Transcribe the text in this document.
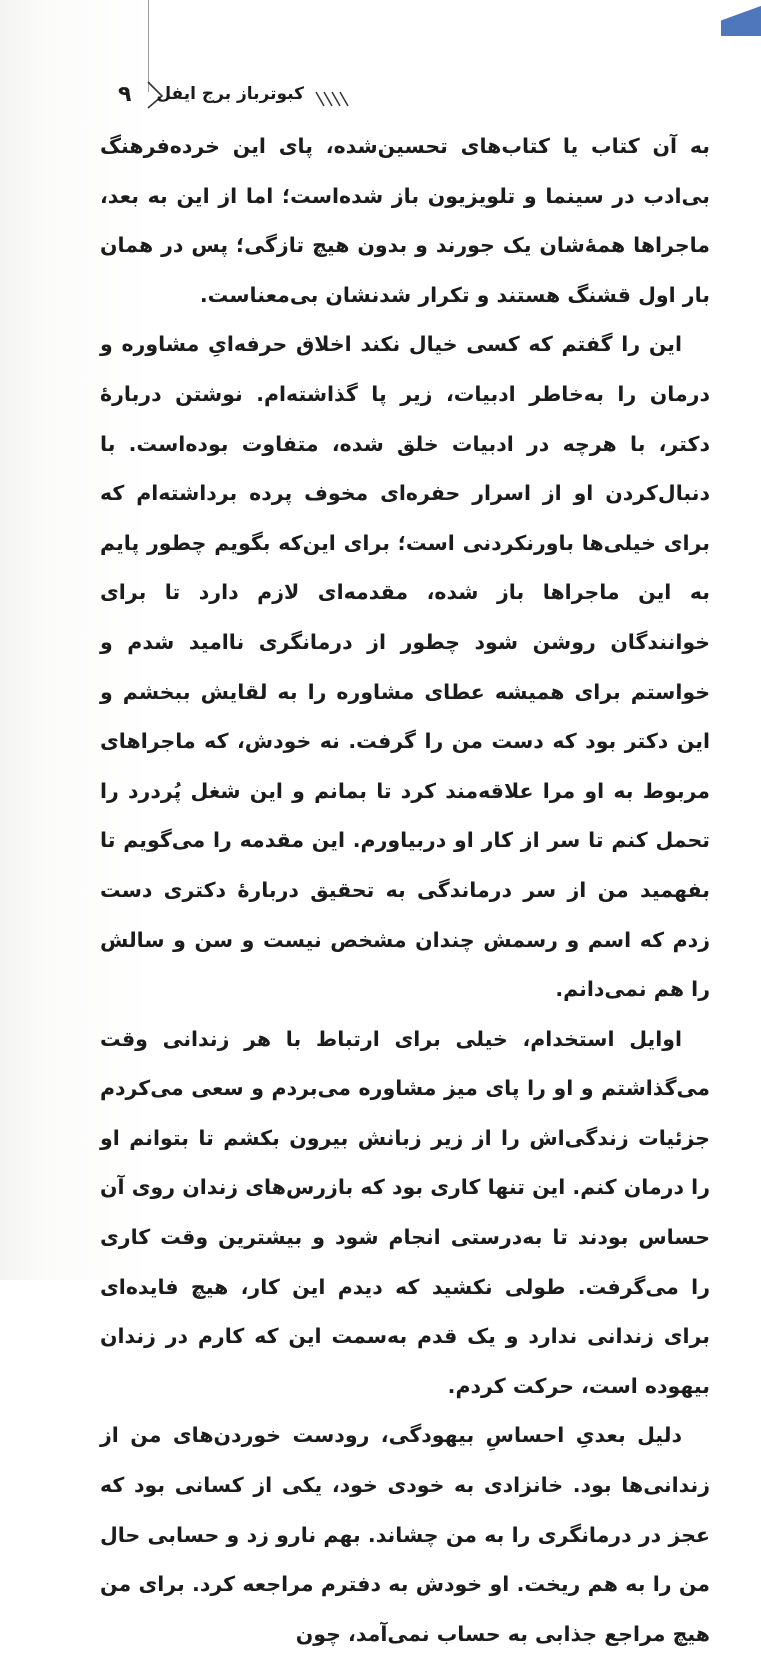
۹ کبوترباز برج ایفل

به آن کتاب یا کتاب‌های تحسین‌شده، پای این خرده‌فرهنگ بی‌ادب در سینما و تلویزیون باز شده‌است؛ اما از این به بعد، ماجراها همهٔ‌شان یک جورند و بدون هیچ تازگی؛ پس در همان بار اول قشنگ هستند و تکرار شدنشان بی‌معناست.

این را گفتم که کسی خیال نکند اخلاق حرفه‌ایِ مشاوره و درمان را به‌خاطر ادبیات، زیر پا گذاشته‌ام. نوشتن دربارهٔ دکتر، با هرچه در ادبیات خلق شده، متفاوت بوده‌است. با دنبال‌کردن او از اسرار حفره‌ای مخوف پرده برداشته‌ام که برای خیلی‌ها باورنکردنی است؛ برای این‌که بگویم چطور پایم به این ماجراها باز شده، مقدمه‌ای لازم دارد تا برای خوانندگان روشن شود چطور از درمانگری ناامید شدم و خواستم برای همیشه عطای مشاوره را به لقایش ببخشم و این دکتر بود که دست من را گرفت. نه خودش، که ماجراهای مربوط به او مرا علاقه‌مند کرد تا بمانم و این شغل پُردرد را تحمل کنم تا سر از کار او دربیاورم. این مقدمه را می‌گویم تا بفهمید من از سر درماندگی به تحقیق دربارهٔ دکتری دست زدم که اسم و رسمش چندان مشخص نیست و سن و سالش را هم نمی‌دانم.

اوایل استخدام، خیلی برای ارتباط با هر زندانی وقت می‌گذاشتم و او را پای میز مشاوره می‌بردم و سعی می‌کردم جزئیات زندگی‌اش را از زیر زبانش بیرون بکشم تا بتوانم او را درمان کنم. این تنها کاری بود که بازرس‌های زندان روی آن حساس بودند تا به‌درستی انجام شود و بیشترین وقت کاری را می‌گرفت. طولی نکشید که دیدم این کار، هیچ فایده‌ای برای زندانی ندارد و یک قدم به‌سمت این که کارم در زندان بیهوده است، حرکت کردم.

دلیل بعدیِ احساسِ بیهودگی، رودست خوردن‌های من از زندانی‌ها بود. خانزادی به خودی خود، یکی از کسانی بود که عجز در درمانگری را به من چشاند. بهم نارو زد و حسابی حال من را به هم ریخت. او خودش به دفترم مراجعه کرد. برای من هیچ مراجع جذابی به حساب نمی‌آمد، چون
